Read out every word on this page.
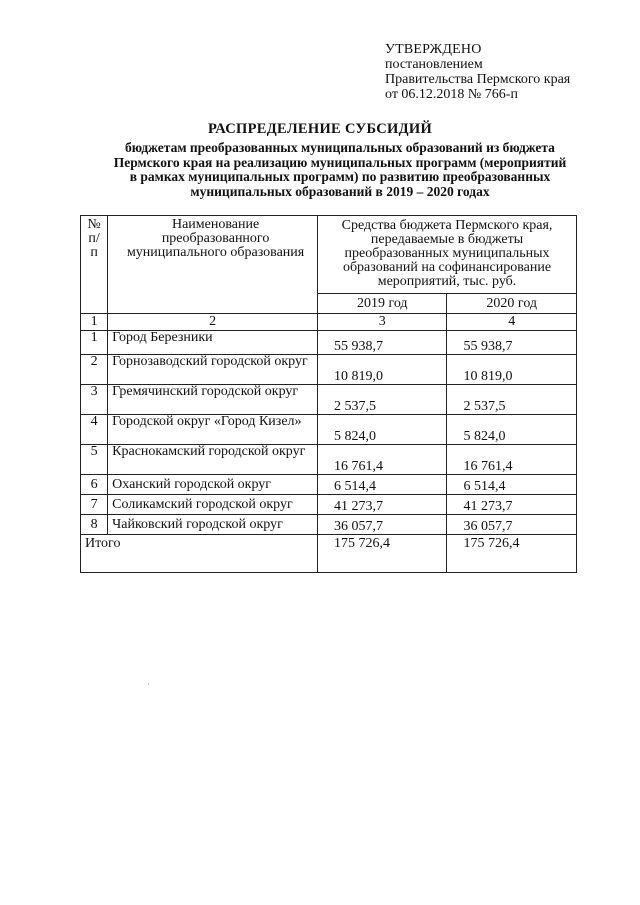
УТВЕРЖДЕНО
постановлением
Правительства Пермского края
от 06.12.2018 № 766-п
РАСПРЕДЕЛЕНИЕ СУБСИДИЙ
бюджетам преобразованных муниципальных образований из бюджета
Пермского края на реализацию муниципальных программ (мероприятий
в рамках муниципальных программ) по развитию преобразованных
муниципальных образований в 2019 – 2020 годах
№ п/п	Наименование преобразованного муниципального образования	Средства бюджета Пермского края, передаваемые в бюджеты преобразованных муниципальных образований на софинансирование мероприятий, тыс. руб.	
		2019 год	2020 год
1	2	3	4
1	Город Березники	55 938,7	55 938,7
2	Горнозаводский городской округ	10 819,0	10 819,0
3	Гремячинский городской округ	2 537,5	2 537,5
4	Городской округ «Город Кизел»	5 824,0	5 824,0
5	Краснокамский городской округ	16 761,4	16 761,4
6	Оханский городской округ	6 514,4	6 514,4
7	Соликамский городской округ	41 273,7	41 273,7
8	Чайковский городской округ	36 057,7	36 057,7
Итого		175 726,4	175 726,4
